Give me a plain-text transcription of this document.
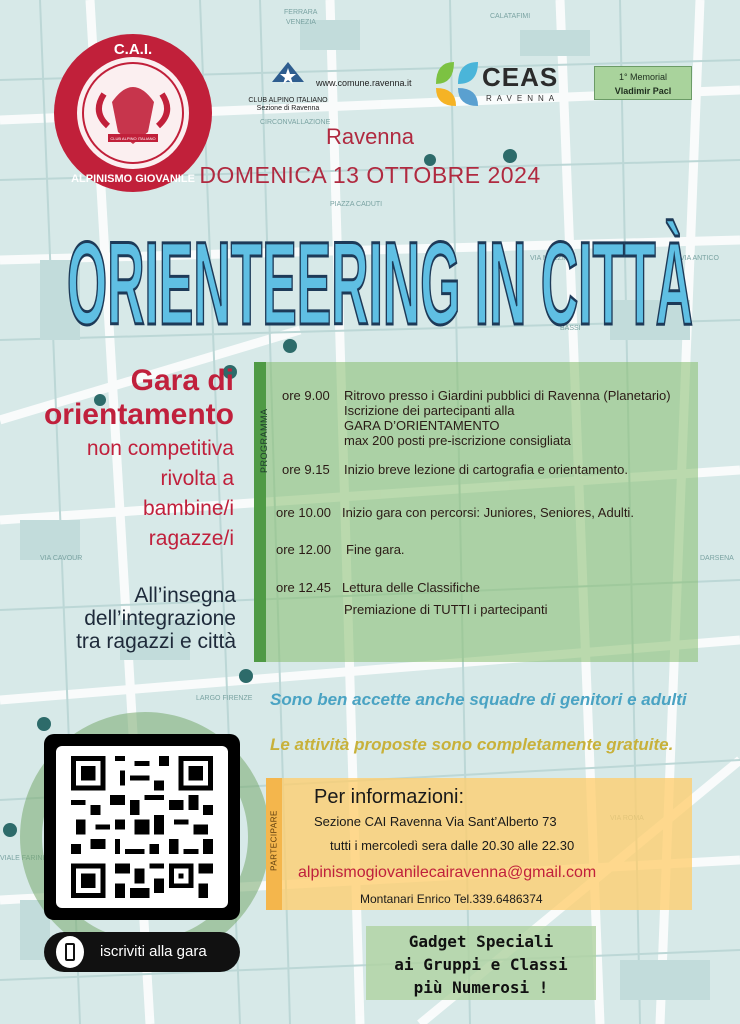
FERRARA
VENEZIA
CIRCONVALLAZIONE
CALATAFIMI
VIA MAZZINI
PIAZZA CADUTI
VIA CAVOUR
LARGO FIRENZE
VIALE FARINI
DARSENA
VIA ANTICO
BASSI
C.A.I.
ALPINISMO GIOVANILE
CLUB ALPINO ITALIANO
CLUB ALPINO ITALIANO
Sezione di Ravenna
www.comune.ravenna.it	CEAS
RAVENNA
1° Memorial
Vladimir Pacl
Ravenna
DOMENICA 13 OTTOBRE 2024
ORIENTEERING IN CITTÀ
Gara di
orientamento
non competitiva
rivolta a
bambine/i
ragazze/i
All’insegna
dell’integrazione
tra ragazzi e città
PROGRAMMA
ore 9.00 Ritrovo presso i Giardini pubblici di Ravenna (Planetario)
Iscrizione dei partecipanti alla
GARA D’ORIENTAMENTO
max 200 posti pre-iscrizione consigliata
ore 9.15 Inizio breve lezione di cartografia e orientamento.
ore 10.00 Inizio gara con percorsi: Juniores, Seniores, Adulti.
ore 12.00 Fine gara.
ore 12.45 Lettura delle Classifiche
Premiazione di TUTTI i partecipanti
Sono ben accette anche squadre di genitori e adulti
Le attività proposte sono completamente gratuite.
iscriviti alla gara
PARTECIPARE
Per informazioni:
Sezione CAI Ravenna Via Sant’Alberto 73
tutti i mercoledì sera dalle 20.30 alle 22.30
alpinismogiovanilecairavenna@gmail.com
Montanari Enrico Tel.339.6486374
Gadget Speciali
ai Gruppi e Classi
più Numerosi !
